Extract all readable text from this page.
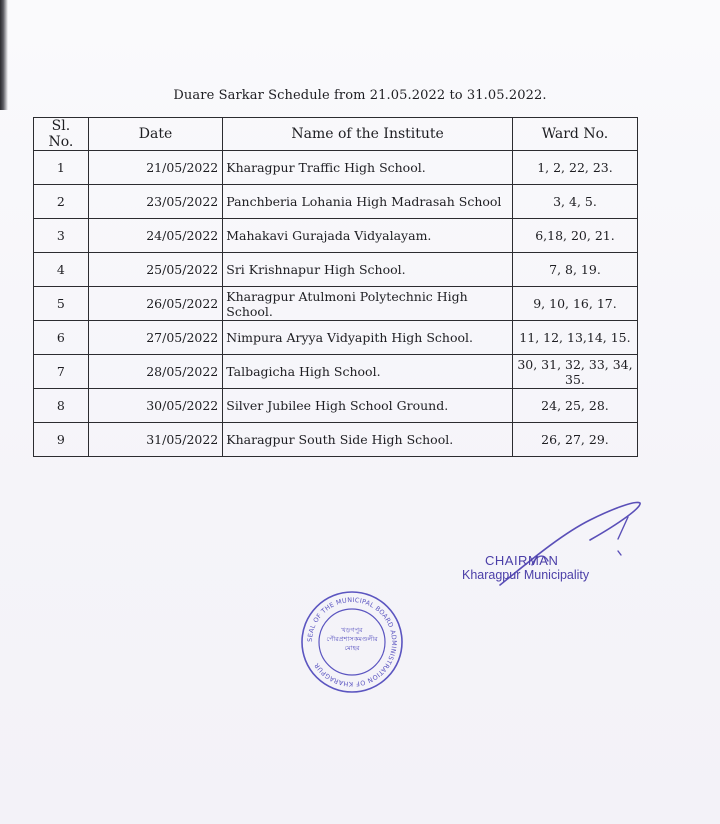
Duare Sarkar Schedule from 21.05.2022 to 31.05.2022.
Sl. No.	Date	Name of the Institute	Ward No.
1	21/05/2022	Kharagpur Traffic High School.	1, 2, 22, 23.
2	23/05/2022	Panchberia Lohania High Madrasah School	3, 4, 5.
3	24/05/2022	Mahakavi Gurajada Vidyalayam.	6,18, 20, 21.
4	25/05/2022	Sri Krishnapur High School.	7, 8, 19.
5	26/05/2022	Kharagpur Atulmoni Polytechnic High School.	9, 10, 16, 17.
6	27/05/2022	Nimpura Aryya Vidyapith High School.	11, 12, 13,14, 15.
7	28/05/2022	Talbagicha High School.	30, 31, 32, 33, 34, 35.
8	30/05/2022	Silver Jubilee High School Ground.	24, 25, 28.
9	31/05/2022	Kharagpur South Side High School.	26, 27, 29.
CHAIRMAN
Kharagpur Municipality
SEAL OF THE MUNICIPAL BOARD ADMINISTRATION OF KHARAGPUR
খড়গপুর পৌরপ্রশাসকমণ্ডলীর মোহর
